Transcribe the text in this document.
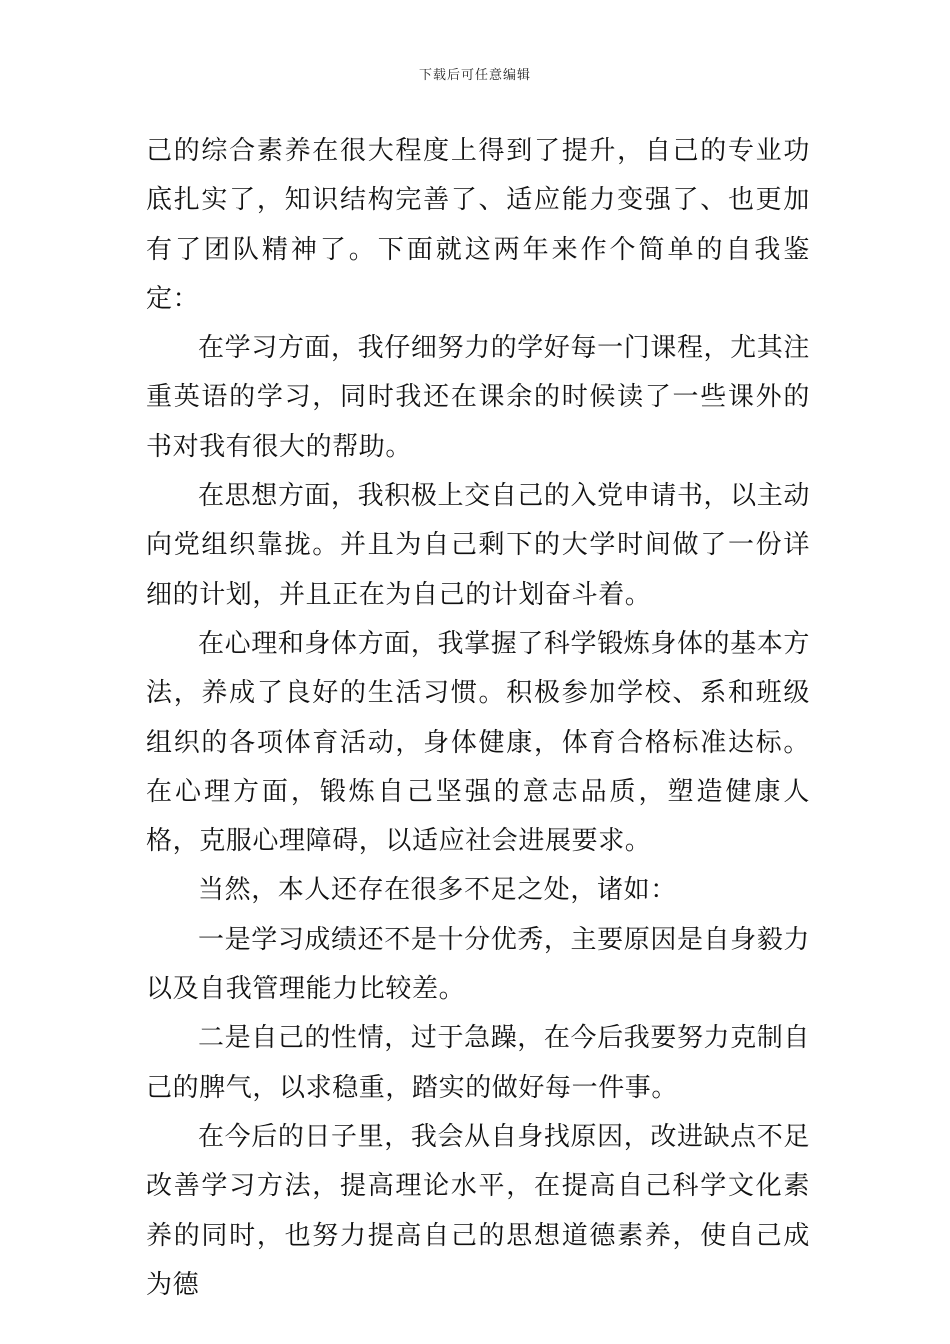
下载后可任意编辑

己的综合素养在很大程度上得到了提升，自己的专业功底扎实了，知识结构完善了、适应能力变强了、也更加有了团队精神了。下面就这两年来作个简单的自我鉴定：

在学习方面，我仔细努力的学好每一门课程，尤其注重英语的学习，同时我还在课余的时候读了一些课外的书对我有很大的帮助。

在思想方面，我积极上交自己的入党申请书，以主动向党组织靠拢。并且为自己剩下的大学时间做了一份详细的计划，并且正在为自己的计划奋斗着。

在心理和身体方面，我掌握了科学锻炼身体的基本方法，养成了良好的生活习惯。积极参加学校、系和班级组织的各项体育活动，身体健康，体育合格标准达标。在心理方面，锻炼自己坚强的意志品质，塑造健康人格，克服心理障碍，以适应社会进展要求。

当然，本人还存在很多不足之处，诸如：

一是学习成绩还不是十分优秀，主要原因是自身毅力以及自我管理能力比较差。

二是自己的性情，过于急躁，在今后我要努力克制自己的脾气，以求稳重，踏实的做好每一件事。

在今后的日子里，我会从自身找原因，改进缺点不足改善学习方法，提高理论水平，在提高自己科学文化素养的同时，也努力提高自己的思想道德素养，使自己成为德
